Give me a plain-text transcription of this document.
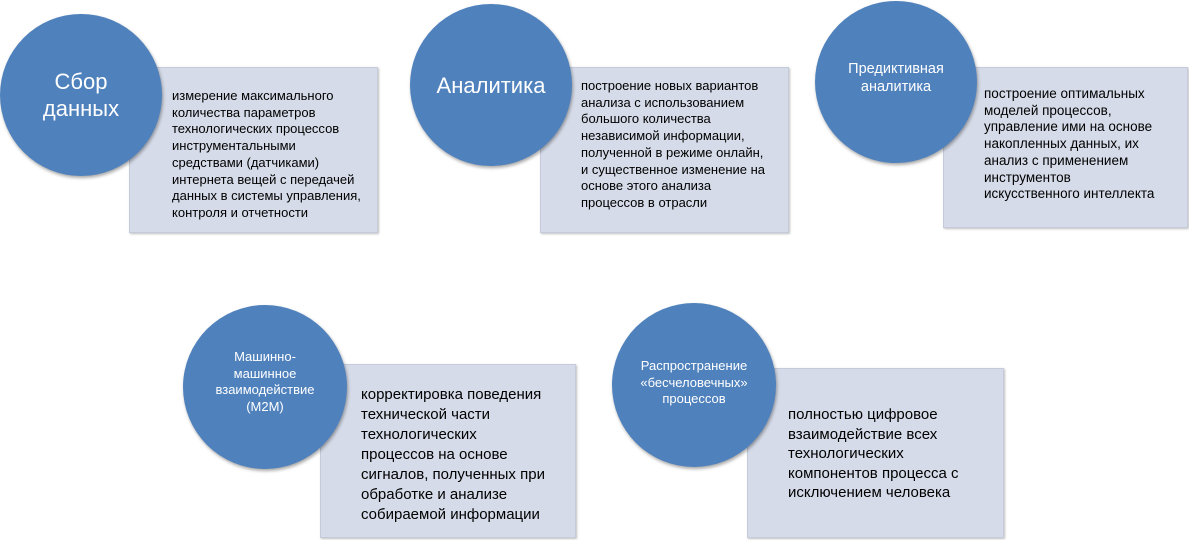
измерение максимального
количества параметров
технологических процессов
инструментальными
средствами (датчиками)
интернета вещей с передачей
данных в системы управления,
контроля и отчетности
Сбор
данных
построение новых вариантов
анализа с использованием
большого количества
независимой информации,
полученной в режиме онлайн,
и существенное изменение на
основе этого анализа
процессов в отрасли
Аналитика	построение оптимальных
моделей процессов,
управление ими на основе
накопленных данных, их
анализ с применением
инструментов
искусственного интеллекта
Предиктивная
аналитика
корректировка поведения
технической части
технологических
процессов на основе
сигналов, полученных при
обработке и анализе
собираемой информации
Машинно-
машинное
взаимодействие
(M2M)	полностью цифровое
взаимодействие всех
технологических
компонентов процесса с
исключением человека
Распространение
«бесчеловечных»
процессов
